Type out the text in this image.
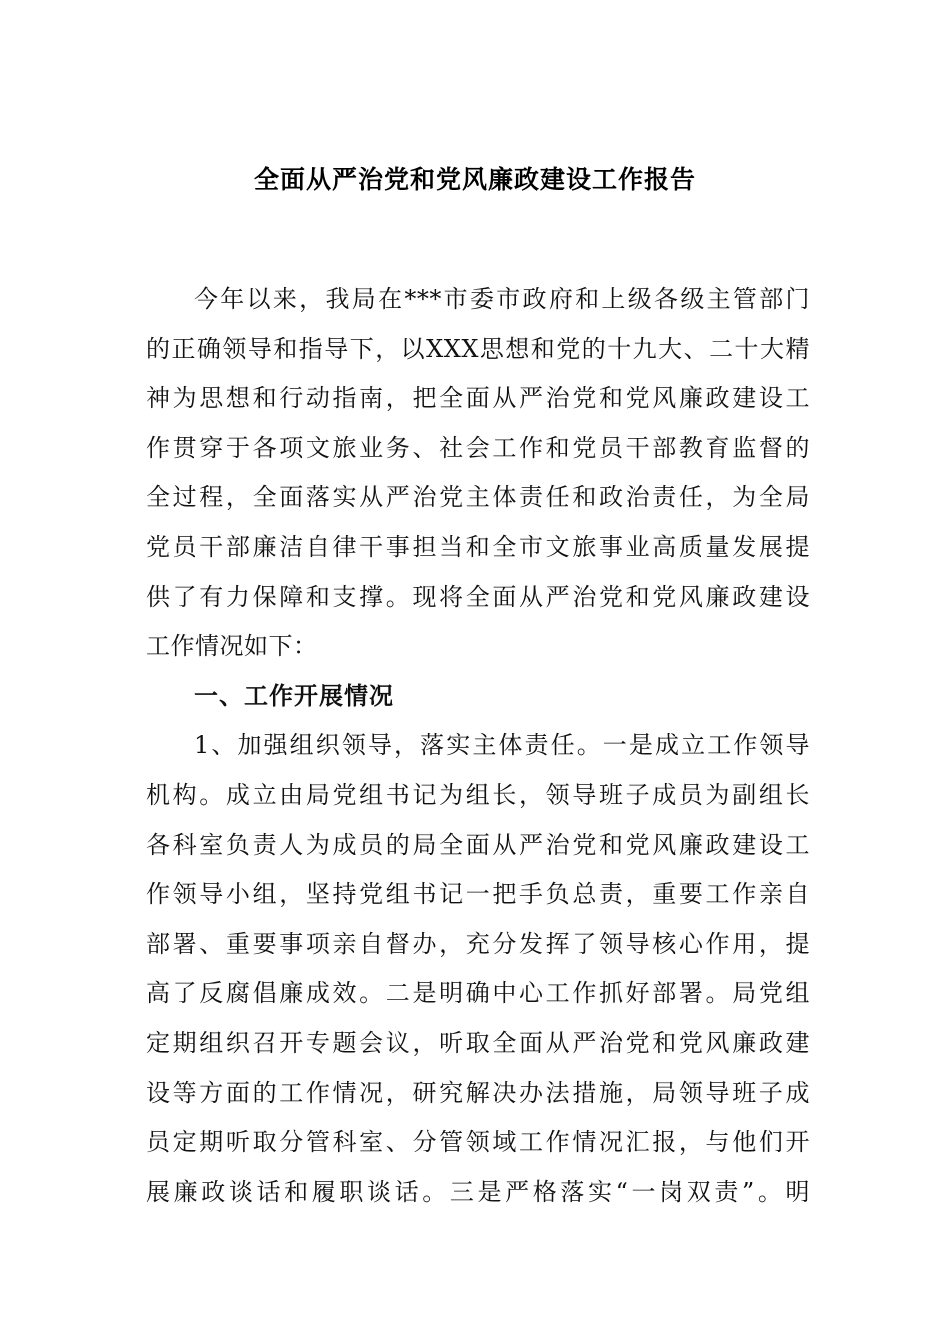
全面从严治党和党风廉政建设工作报告
今年以来，我局在***市委市政府和上级各级主管部门
的正确领导和指导下，以XXX思想和党的十九大、二十大精
神为思想和行动指南，把全面从严治党和党风廉政建设工
作贯穿于各项文旅业务、社会工作和党员干部教育监督的
全过程，全面落实从严治党主体责任和政治责任，为全局
党员干部廉洁自律干事担当和全市文旅事业高质量发展提
供了有力保障和支撑。现将全面从严治党和党风廉政建设
工作情况如下：
一、工作开展情况
1、加强组织领导，落实主体责任。一是成立工作领导
机构。成立由局党组书记为组长，领导班子成员为副组长
各科室负责人为成员的局全面从严治党和党风廉政建设工
作领导小组，坚持党组书记一把手负总责，重要工作亲自
部署、重要事项亲自督办，充分发挥了领导核心作用，提
高了反腐倡廉成效。二是明确中心工作抓好部署。局党组
定期组织召开专题会议，听取全面从严治党和党风廉政建
设等方面的工作情况，研究解决办法措施，局领导班子成
员定期听取分管科室、分管领域工作情况汇报，与他们开
展廉政谈话和履职谈话。三是严格落实“一岗双责”。明
